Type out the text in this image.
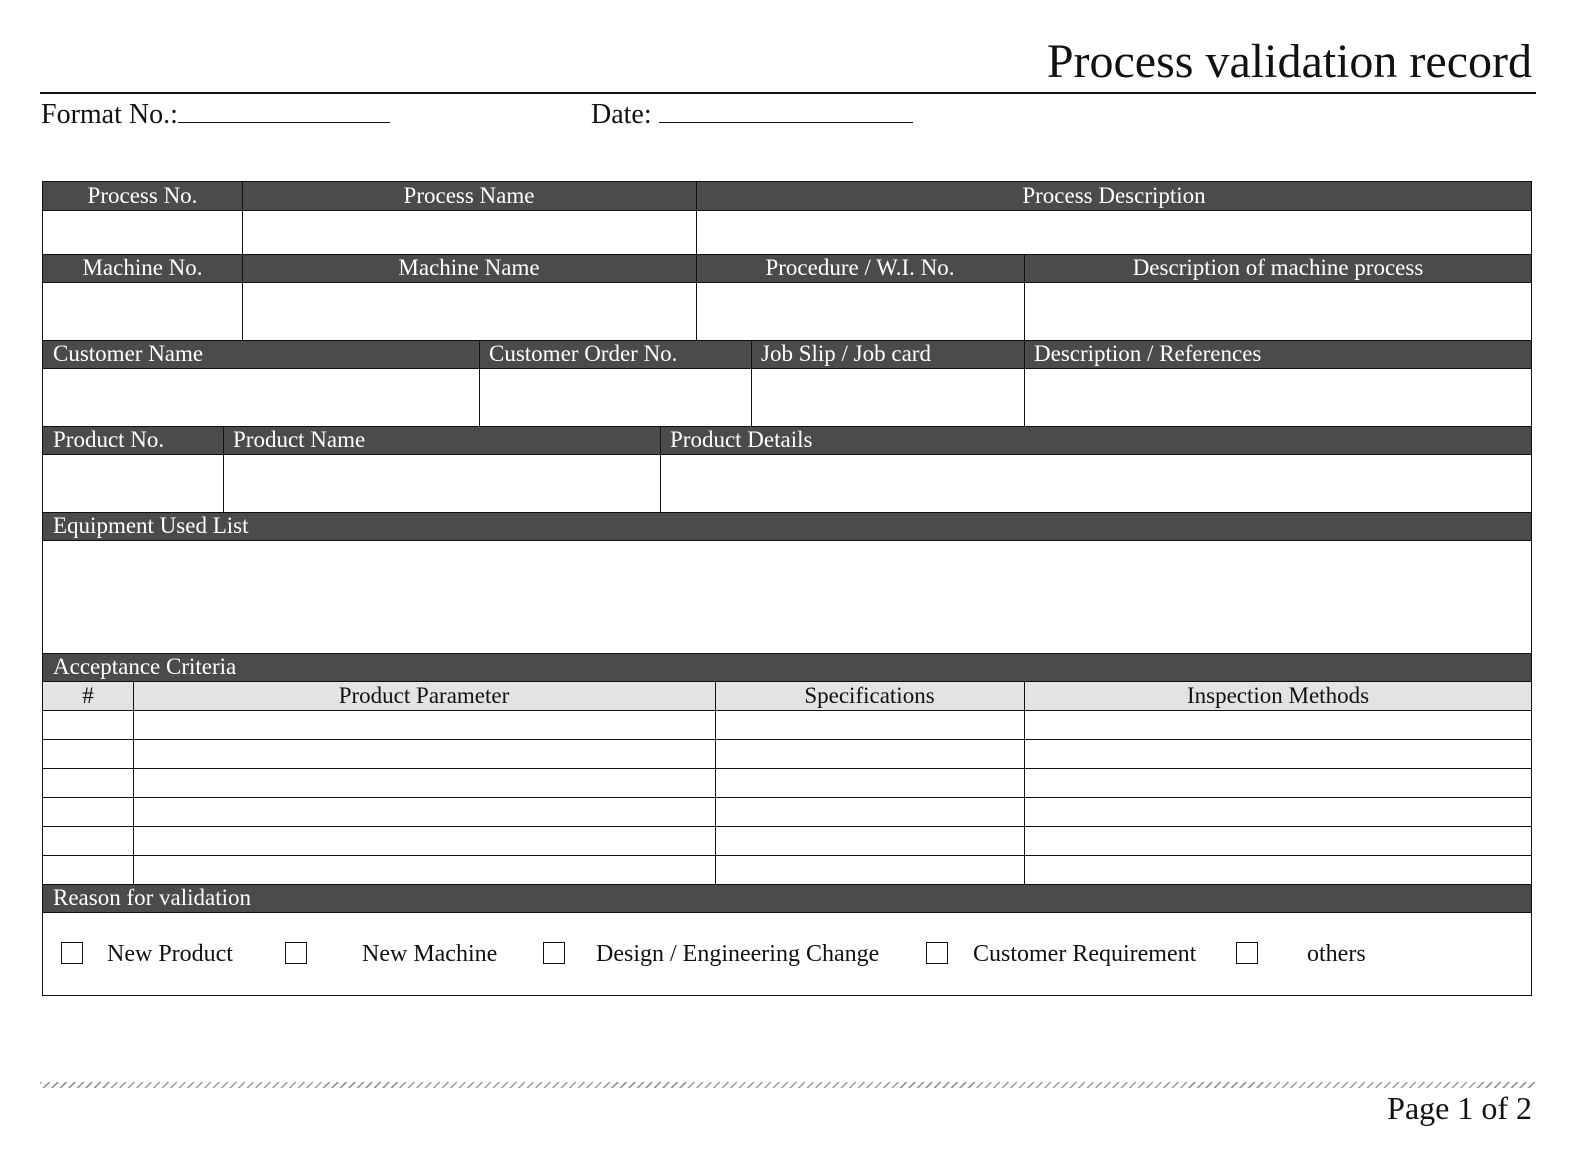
Process validation record
Format No.:	Date:
Process No.	Process Name	Process Description
Machine No.	Machine Name	Procedure / W.I. No.	Description of machine process
Customer Name	Customer Order No.	Job Slip / Job card	Description / References
Product No.	Product Name	Product Details
Equipment Used List
Acceptance Criteria
#	Product Parameter	Specifications	Inspection Methods
Reason for validation
New Product	New Machine	Design / Engineering Change	Customer Requirement	others
Page 1 of 2
